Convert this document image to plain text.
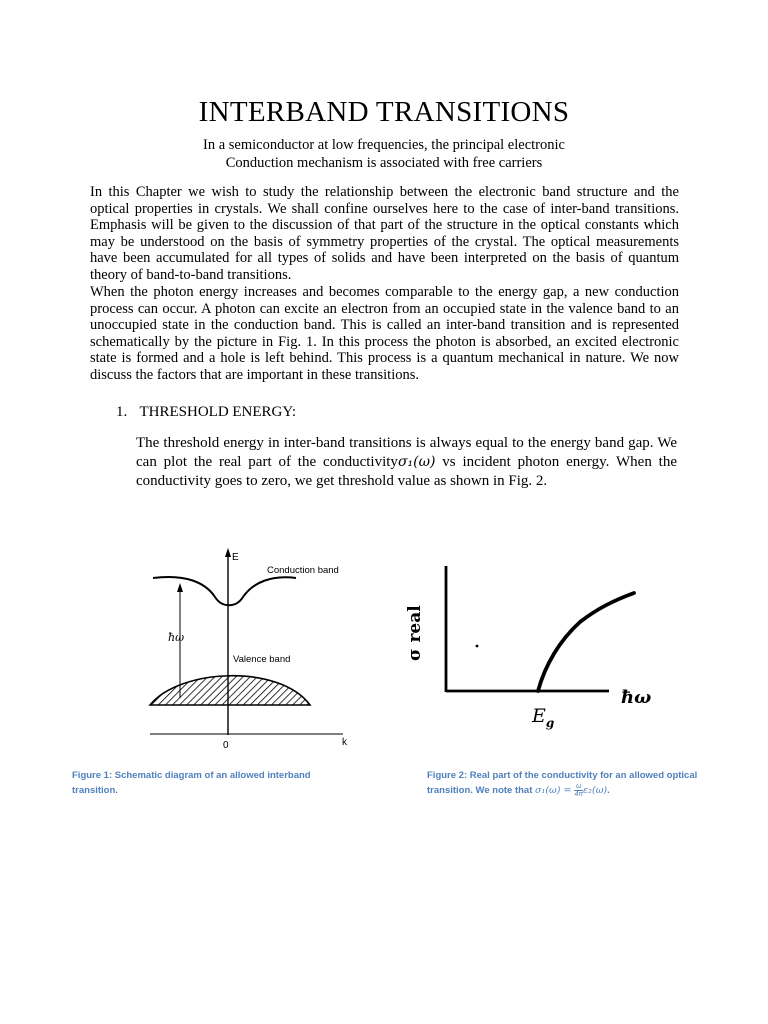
INTERBAND TRANSITIONS
In a semiconductor at low frequencies, the principal electronic
Conduction mechanism is associated with free carriers

In this Chapter we wish to study the relationship between the electronic band structure and the optical properties in crystals. We shall confine ourselves here to the case of inter-band transitions. Emphasis will be given to the discussion of that part of the structure in the optical constants which may be understood on the basis of symmetry properties of the crystal. The optical measurements have been accumulated for all types of solids and have been interpreted on the basis of quantum theory of band-to-band transitions.

When the photon energy increases and becomes comparable to the energy gap, a new conduction process can occur. A photon can excite an electron from an occupied state in the valence band to an unoccupied state in the conduction band. This is called an inter-band transition and is represented schematically by the picture in Fig. 1. In this process the photon is absorbed, an excited electronic state is formed and a hole is left behind. This process is a quantum mechanical in nature. We now discuss the factors that are important in these transitions.

1. THRESHOLD ENERGY:

The threshold energy in inter-band transitions is always equal to the energy band gap. We can plot the real part of the conductivityσ₁(ω) vs incident photon energy. When the conductivity goes to zero, we get threshold value as shown in Fig. 2.

E
Conduction band
ħω
Valence band
0	k
σ real
ħω
$E_g$
Figure 1: Schematic diagram of an allowed interband transition.
Figure 2: Real part of the conductivity for an allowed optical transition. We note that $\sigma_1(\omega) = \frac{\omega}{4\pi} \varepsilon_2(\omega)$.
